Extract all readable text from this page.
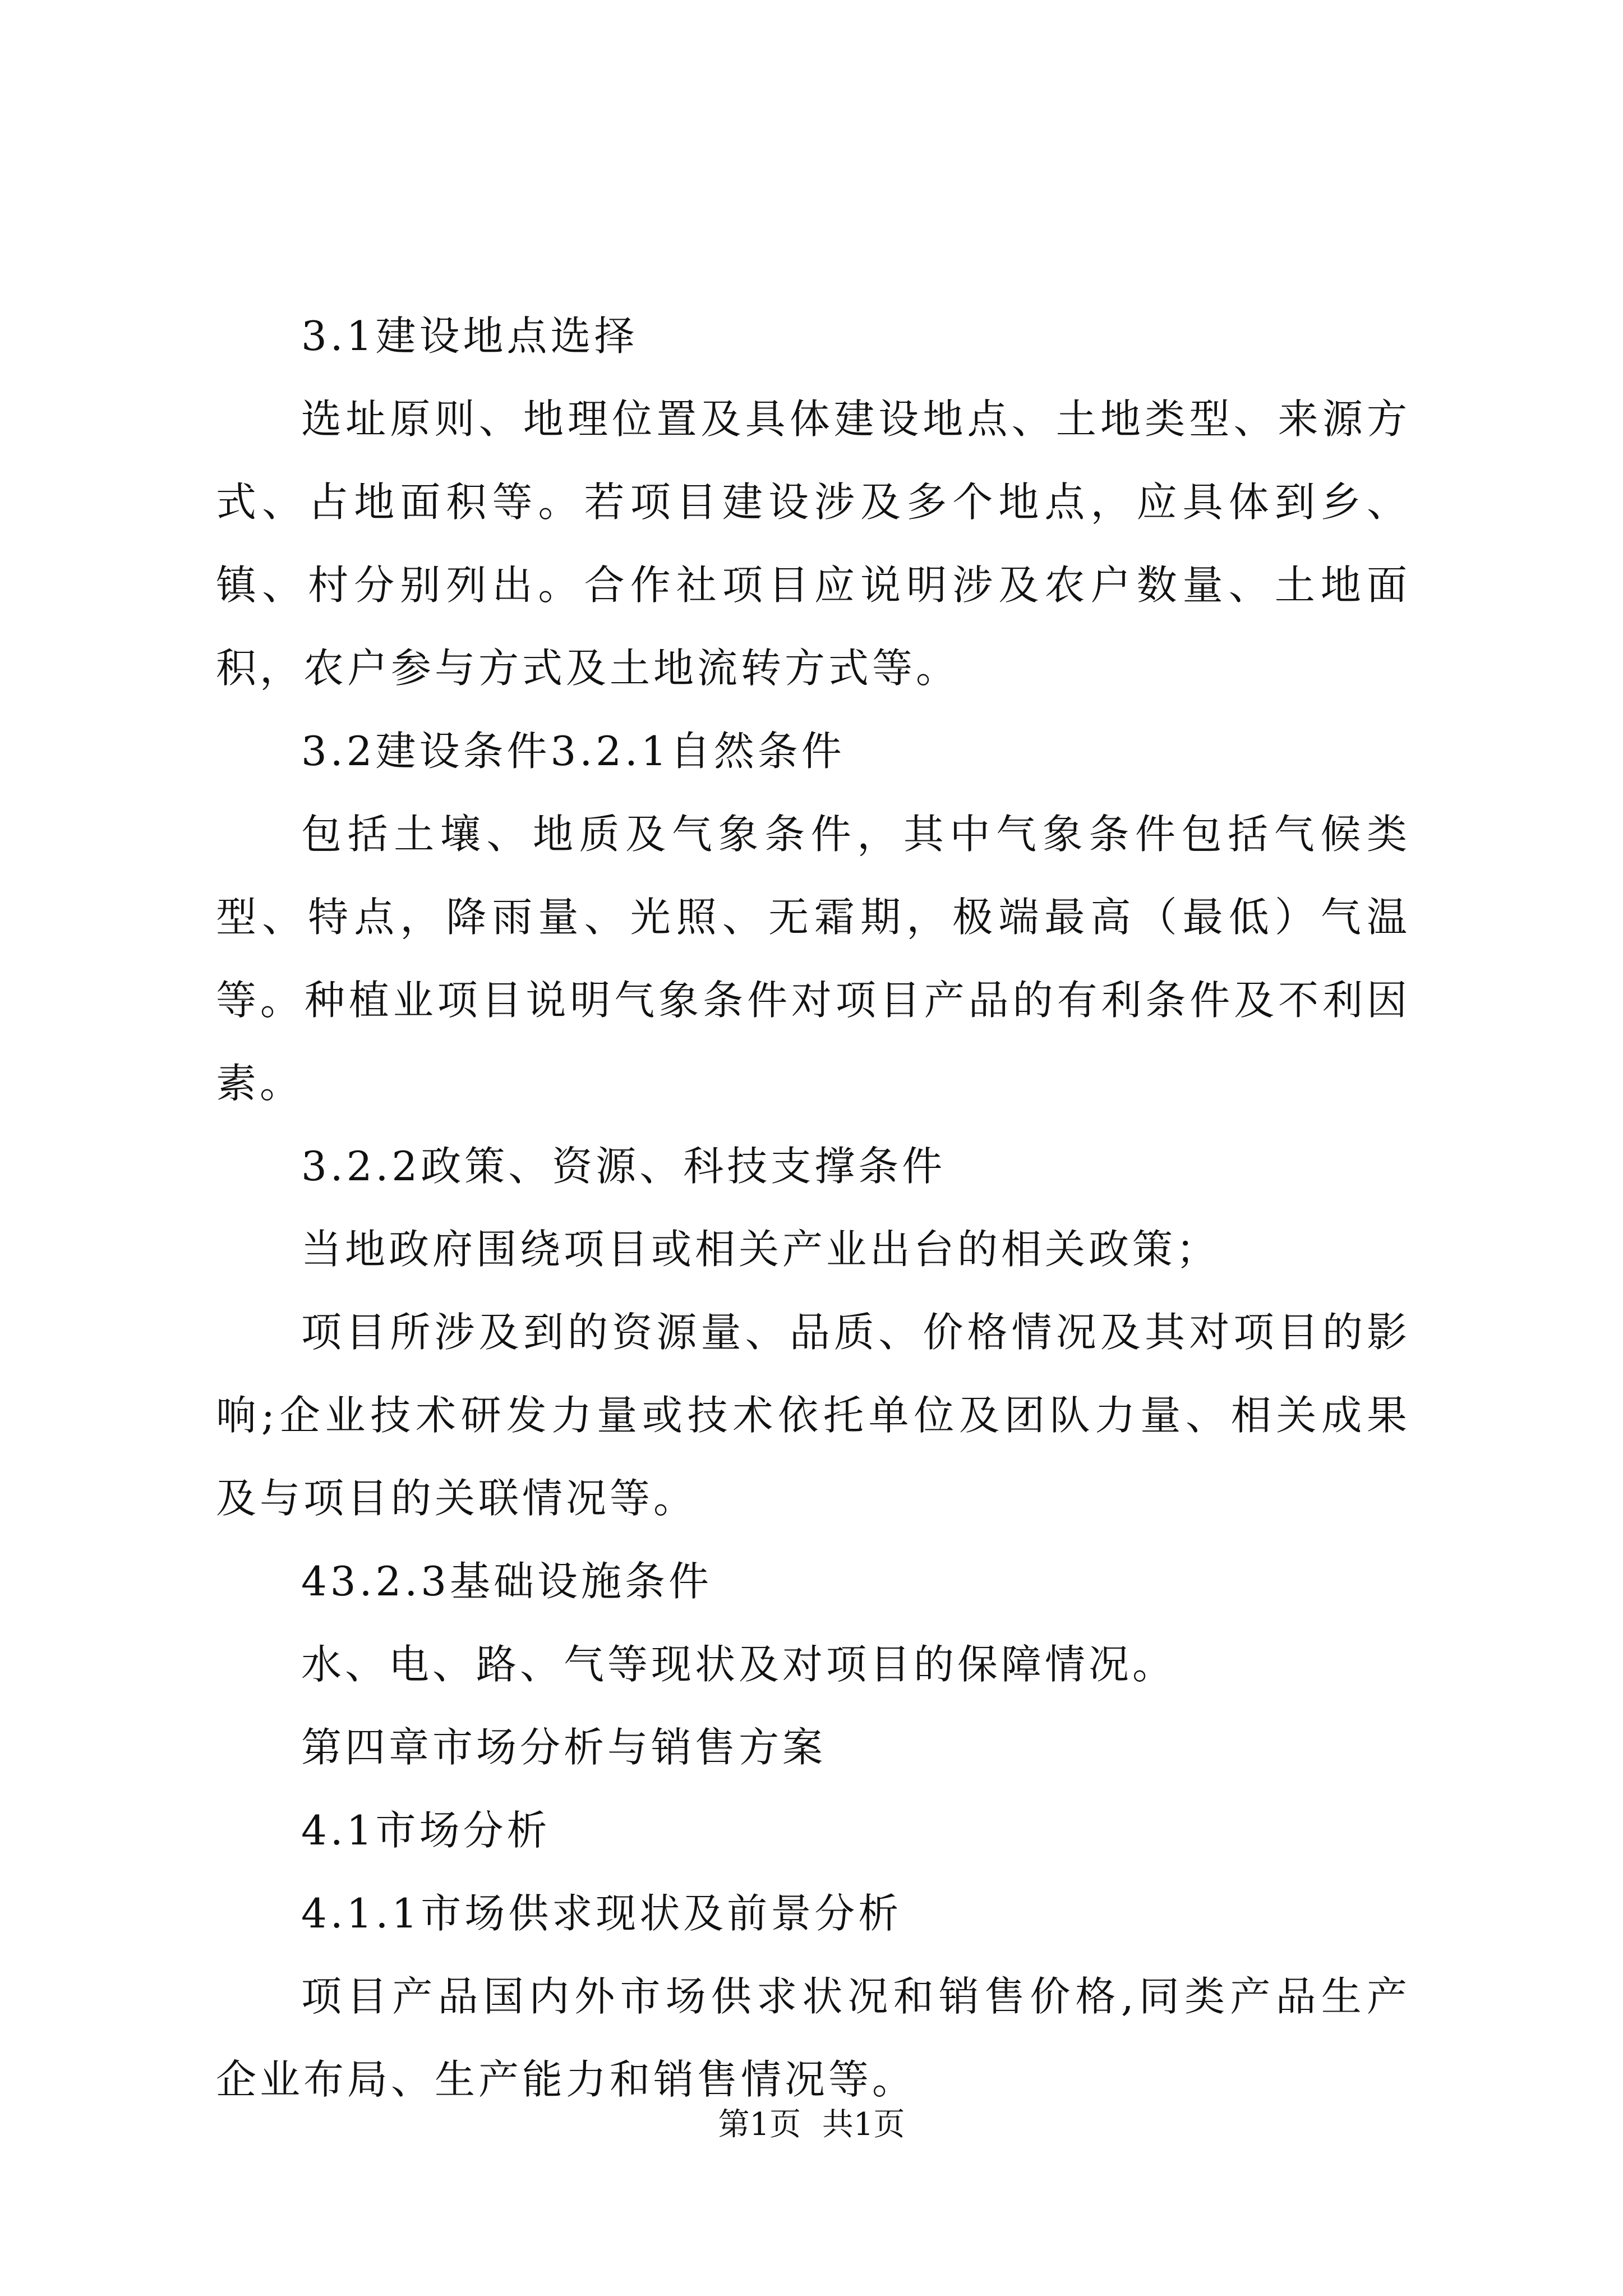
3.1建设地点选择

选址原则、地理位置及具体建设地点、土地类型、来源方式、占地面积等。若项目建设涉及多个地点，应具体到乡、镇、村分别列出。合作社项目应说明涉及农户数量、土地面积，农户参与方式及土地流转方式等。

3.2建设条件3.2.1自然条件

包括土壤、地质及气象条件，其中气象条件包括气候类型、特点，降雨量、光照、无霜期，极端最高（最低）气温等。种植业项目说明气象条件对项目产品的有利条件及不利因素。

3.2.2政策、资源、科技支撑条件

当地政府围绕项目或相关产业出台的相关政策；

项目所涉及到的资源量、品质、价格情况及其对项目的影响;企业技术研发力量或技术依托单位及团队力量、相关成果及与项目的关联情况等。

43.2.3基础设施条件

水、电、路、气等现状及对项目的保障情况。

第四章市场分析与销售方案

4.1市场分析

4.1.1市场供求现状及前景分析

项目产品国内外市场供求状况和销售价格,同类产品生产企业布局、生产能力和销售情况等。

第1页 共1页
